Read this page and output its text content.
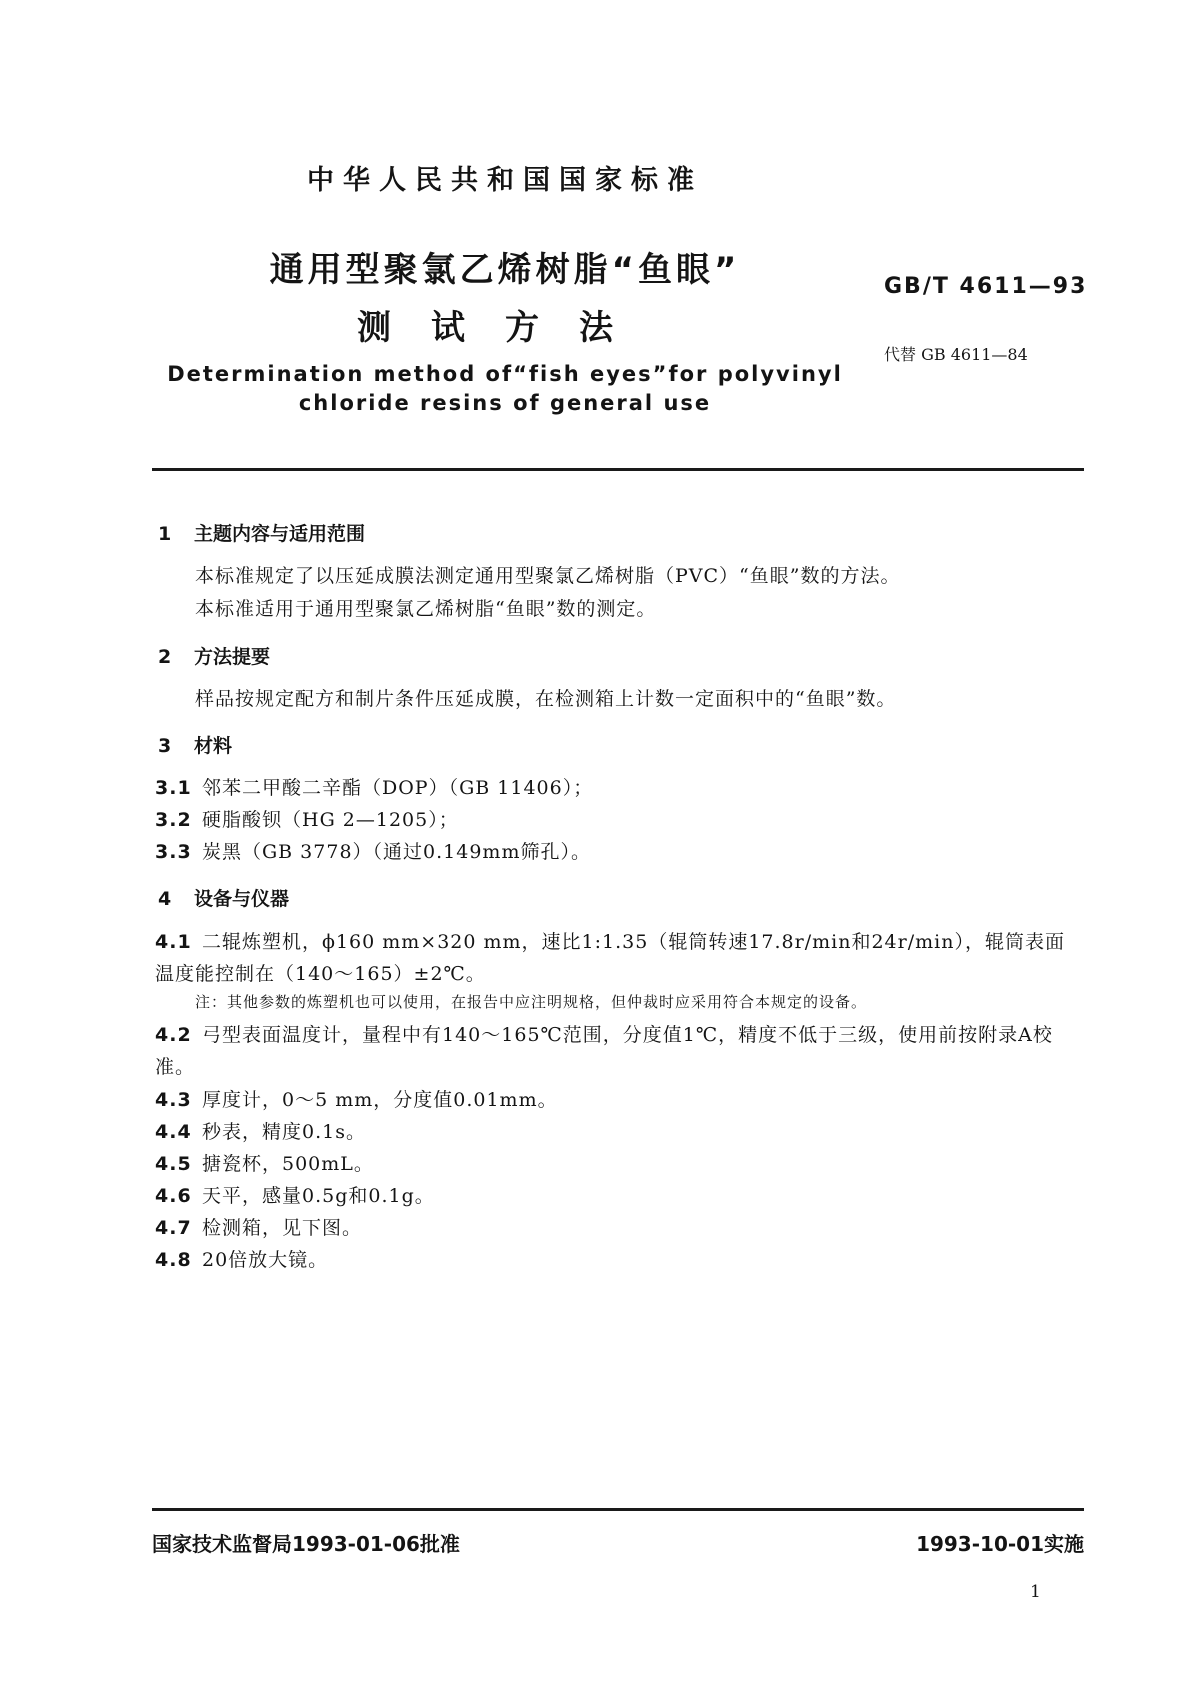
中华人民共和国国家标准
通用型聚氯乙烯树脂“鱼眼”
测试方法
Determination method of“fish eyes”for polyvinyl
chloride resins of general use
GB/T 4611—93
代替 GB 4611—84
1 主题内容与适用范围
本标准规定了以压延成膜法测定通用型聚氯乙烯树脂（PVC）“鱼眼”数的方法。
本标准适用于通用型聚氯乙烯树脂“鱼眼”数的测定。
2 方法提要
样品按规定配方和制片条件压延成膜，在检测箱上计数一定面积中的“鱼眼”数。
3 材料
3.1 邻苯二甲酸二辛酯（DOP）（GB 11406）；
3.2 硬脂酸钡（HG 2—1205）；
3.3 炭黑（GB 3778）（通过0.149mm筛孔）。
4 设备与仪器
4.1 二辊炼塑机，ϕ160 mm×320 mm，速比1:1.35（辊筒转速17.8r/min和24r/min），辊筒表面
温度能控制在（140～165）±2℃。
注：其他参数的炼塑机也可以使用，在报告中应注明规格，但仲裁时应采用符合本规定的设备。
4.2 弓型表面温度计，量程中有140～165℃范围，分度值1℃，精度不低于三级，使用前按附录A校
准。
4.3 厚度计，0～5 mm，分度值0.01mm。
4.4 秒表，精度0.1s。
4.5 搪瓷杯，500mL。
4.6 天平，感量0.5g和0.1g。
4.7 检测箱，见下图。
4.8 20倍放大镜。
国家技术监督局1993-01-06批准	1993-10-01实施
1
